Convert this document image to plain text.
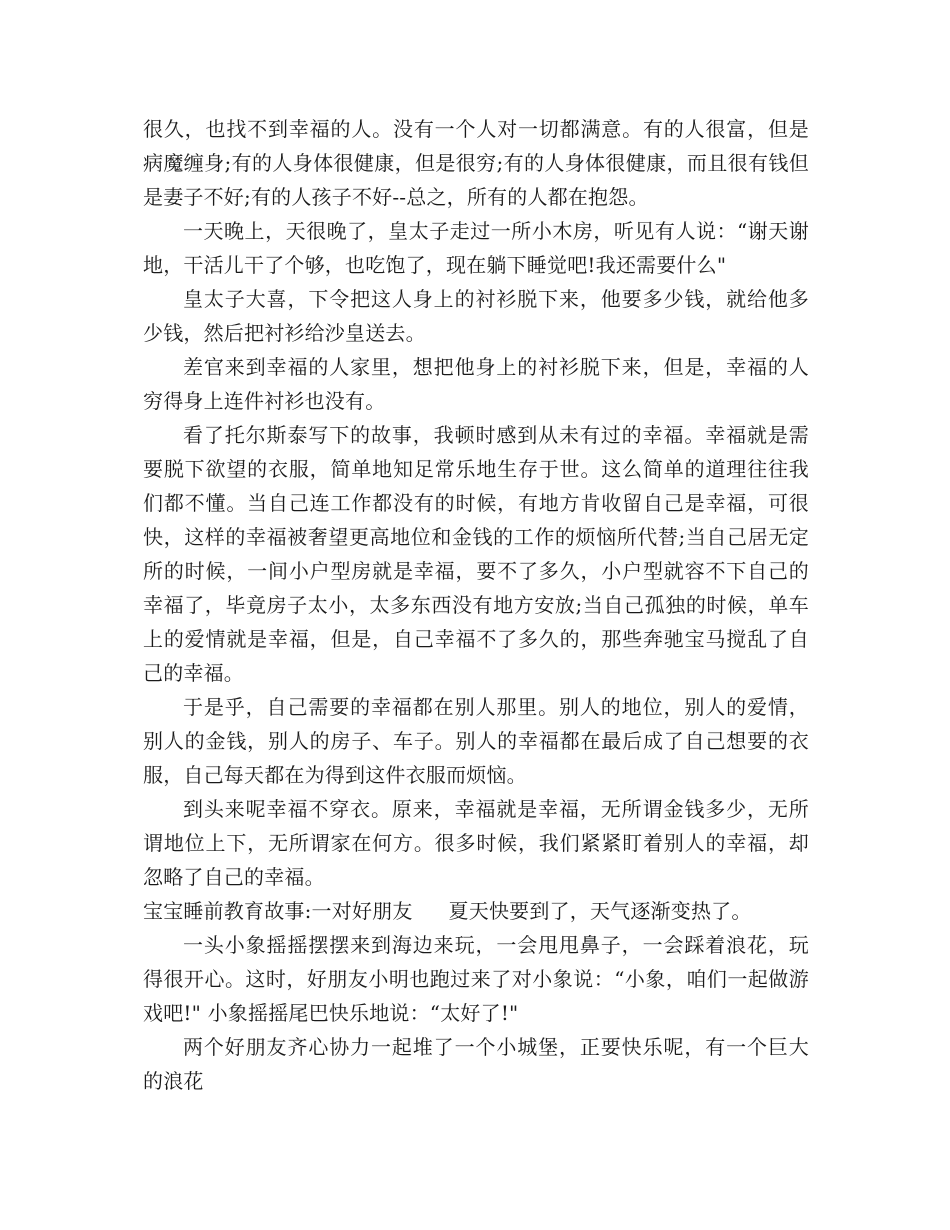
很久，也找不到幸福的人。没有一个人对一切都满意。有的人很富，但是病魔缠身;有的人身体很健康，但是很穷;有的人身体很健康，而且很有钱但是妻子不好;有的人孩子不好--总之，所有的人都在抱怨。

一天晚上，天很晚了，皇太子走过一所小木房，听见有人说：“谢天谢地，干活儿干了个够，也吃饱了，现在躺下睡觉吧!我还需要什么"

皇太子大喜，下令把这人身上的衬衫脱下来，他要多少钱，就给他多少钱，然后把衬衫给沙皇送去。

差官来到幸福的人家里，想把他身上的衬衫脱下来，但是，幸福的人穷得身上连件衬衫也没有。

看了托尔斯泰写下的故事，我顿时感到从未有过的幸福。幸福就是需要脱下欲望的衣服，简单地知足常乐地生存于世。这么简单的道理往往我们都不懂。当自己连工作都没有的时候，有地方肯收留自己是幸福，可很快，这样的幸福被奢望更高地位和金钱的工作的烦恼所代替;当自己居无定所的时候，一间小户型房就是幸福，要不了多久，小户型就容不下自己的幸福了，毕竟房子太小，太多东西没有地方安放;当自己孤独的时候，单车上的爱情就是幸福，但是，自己幸福不了多久的，那些奔驰宝马搅乱了自己的幸福。

于是乎，自己需要的幸福都在别人那里。别人的地位，别人的爱情，别人的金钱，别人的房子、车子。别人的幸福都在最后成了自己想要的衣服，自己每天都在为得到这件衣服而烦恼。

到头来呢幸福不穿衣。原来，幸福就是幸福，无所谓金钱多少，无所谓地位上下，无所谓家在何方。很多时候，我们紧紧盯着别人的幸福，却忽略了自己的幸福。

宝宝睡前教育故事:一对好朋友 夏天快要到了，天气逐渐变热了。

一头小象摇摇摆摆来到海边来玩，一会甩甩鼻子，一会踩着浪花，玩得很开心。这时，好朋友小明也跑过来了对小象说：“小象，咱们一起做游戏吧!" 小象摇摇尾巴快乐地说：“太好了!"

两个好朋友齐心协力一起堆了一个小城堡，正要快乐呢，有一个巨大的浪花
